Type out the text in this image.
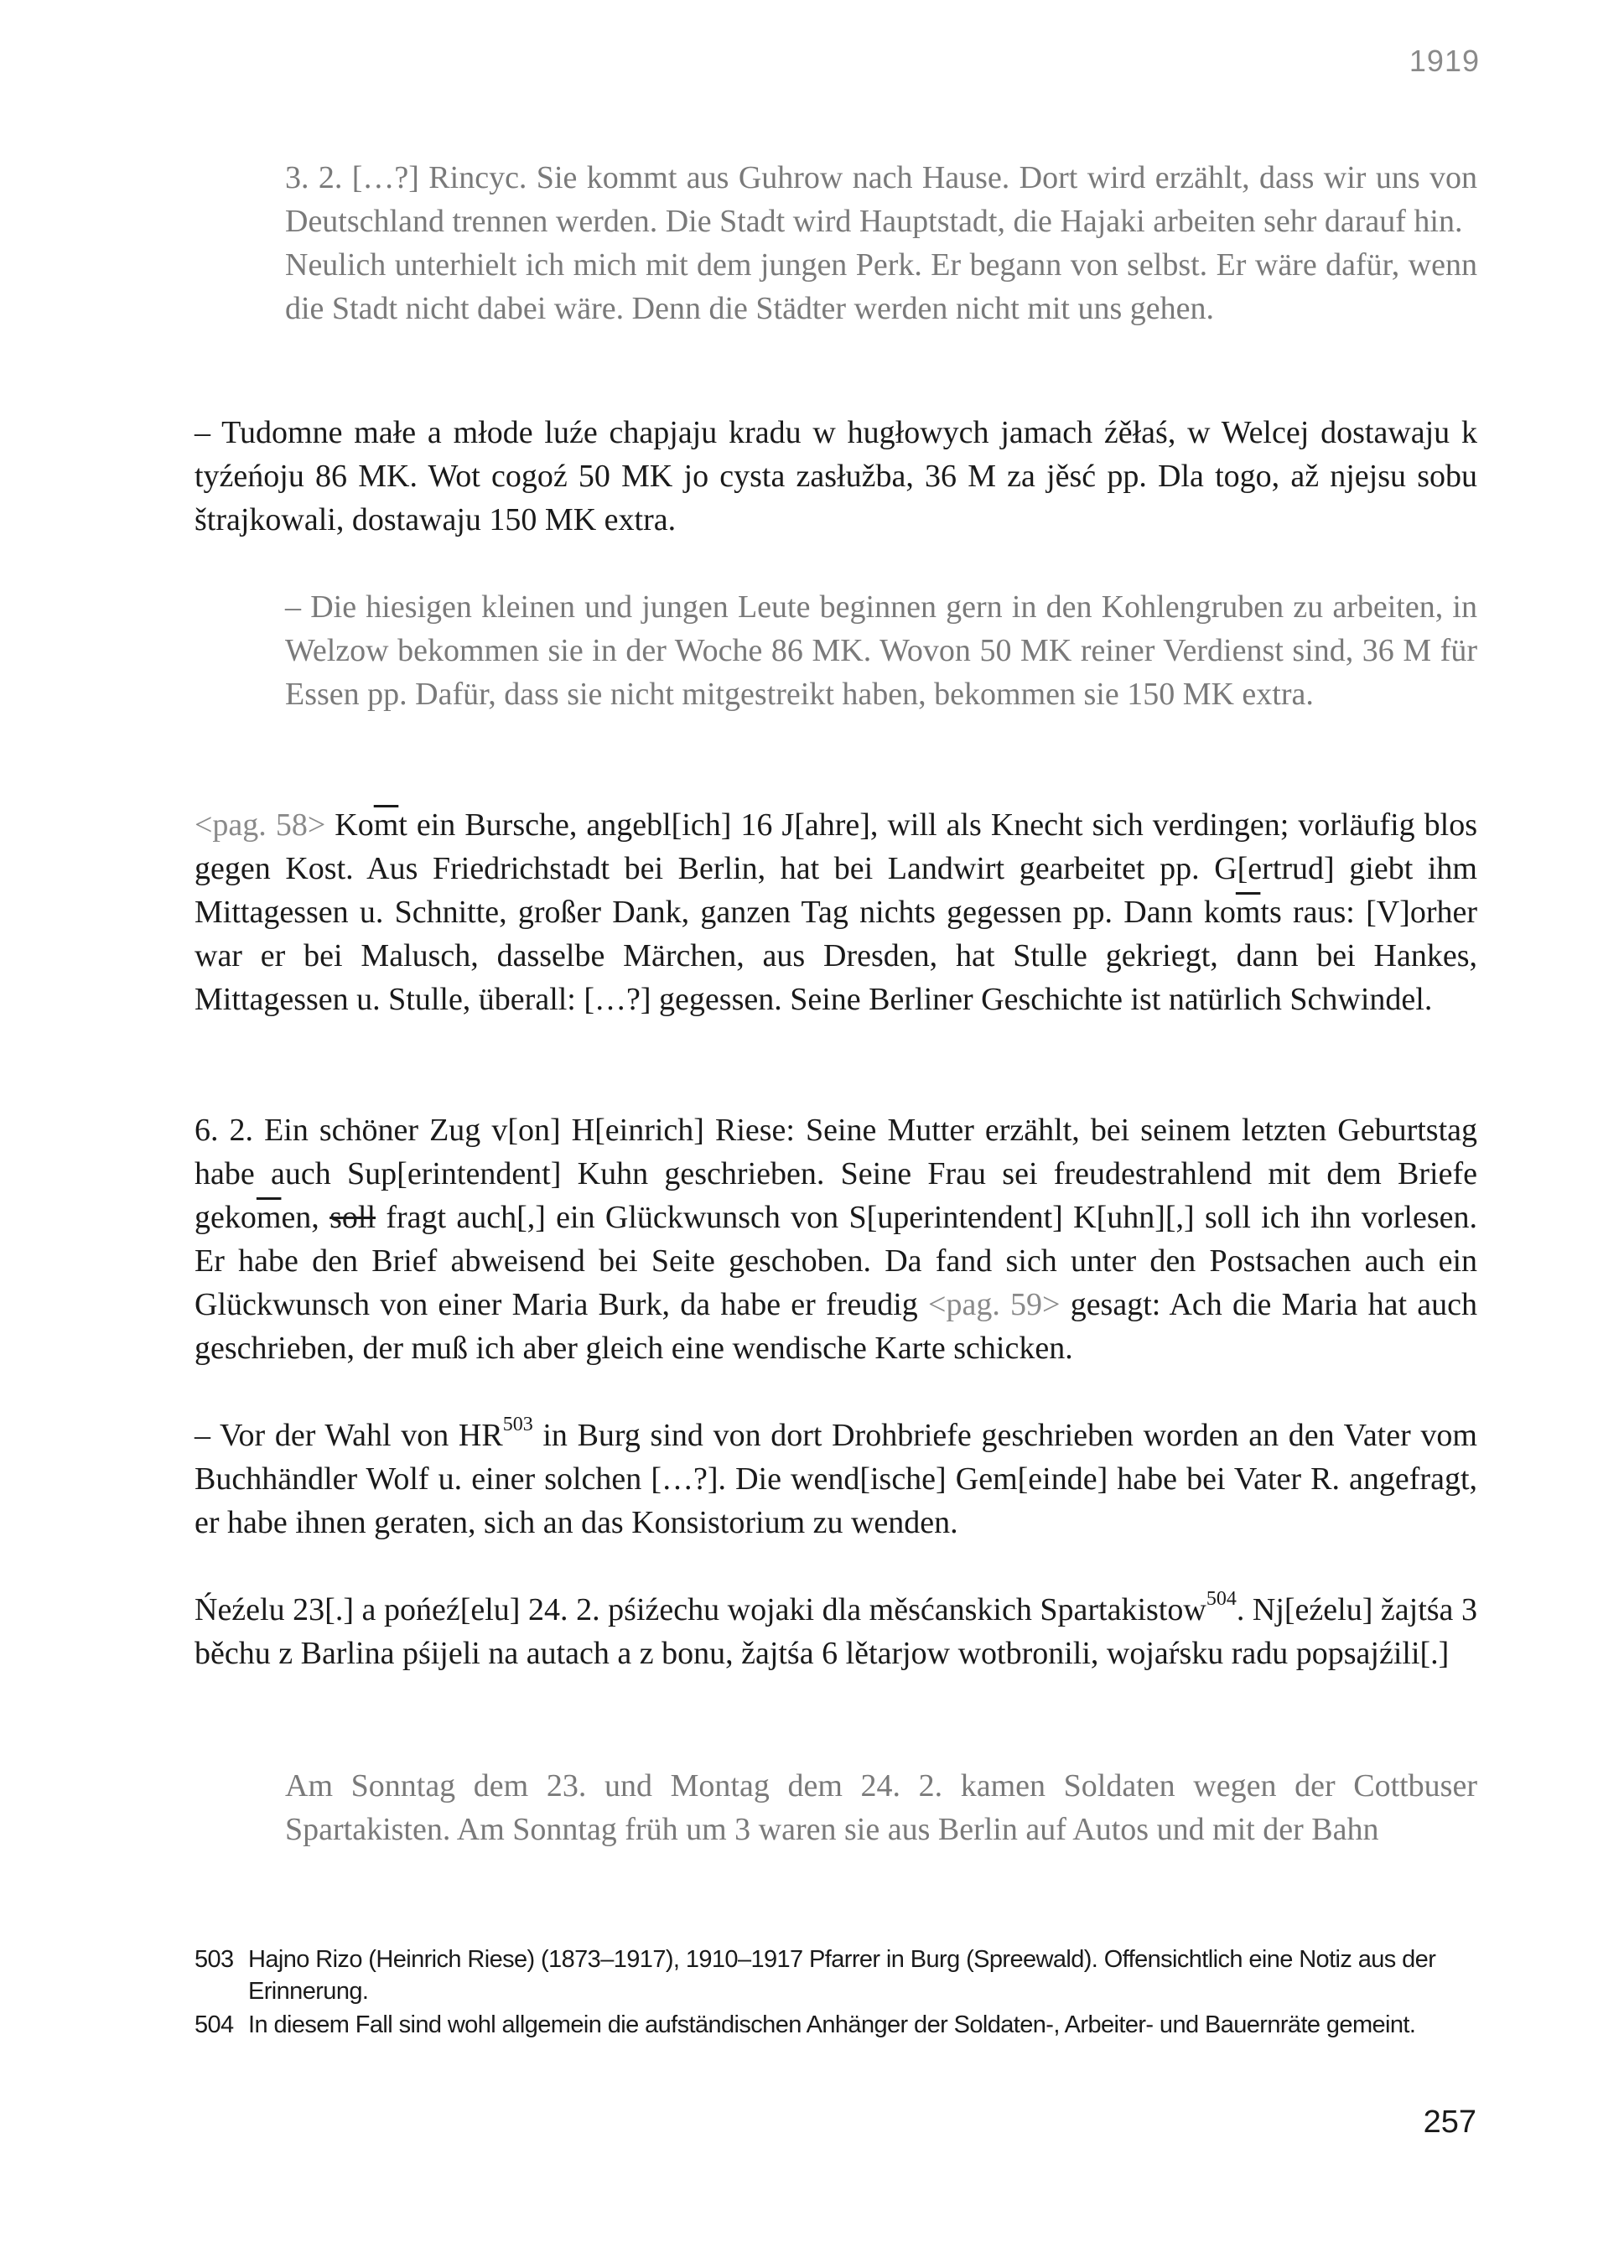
1919
3. 2. […?] Rincyc. Sie kommt aus Guhrow nach Hause. Dort wird erzählt, dass wir uns von Deutschland trennen werden. Die Stadt wird Hauptstadt, die Hajaki arbeiten sehr darauf hin.
Neulich unterhielt ich mich mit dem jungen Perk. Er begann von selbst. Er wäre dafür, wenn die Stadt nicht dabei wäre. Denn die Städter werden nicht mit uns gehen.

– Tudomne małe a młode luźe chapjaju kradu w hugłowych jamach źěłaś, w Welcej dostawaju k tyźeńoju 86 MK. Wot cogoź 50 MK jo cysta zasłužba, 36 M za jěsć pp. Dla togo, až njejsu sobu štrajkowali, dostawaju 150 MK extra.

– Die hiesigen kleinen und jungen Leute beginnen gern in den Kohlengruben zu arbeiten, in Welzow bekommen sie in der Woche 86 MK. Wovon 50 MK reiner Verdienst sind, 36 M für Essen pp. Dafür, dass sie nicht mitgestreikt haben, bekommen sie 150 MK extra.

<pag. $58> Ko\overline{m}t$ ein Bursche, angebl[ich] 16 J[ahre], will als Knecht sich verdingen; vorläufig blos gegen Kost. Aus Friedrichstadt bei Berlin, hat bei Landwirt gearbeitet pp. G[ertrud] giebt ihm Mittagessen u. Schnitte, großer Dank, ganzen Tag nichts gegessen pp. Dann $ko\overline{m}ts$ raus: [V]orher war er bei Malusch, dasselbe Märchen, aus Dresden, hat Stulle gekriegt, dann bei Hankes, Mittagessen u. Stulle, überall: […?] gegessen. Seine Berliner Geschichte ist natürlich Schwindel.

6. 2. Ein schöner Zug v[on] H[einrich] Riese: Seine Mutter erzählt, bei seinem letzten Geburtstag habe auch Sup[erintendent] Kuhn geschrieben. Seine Frau sei freudestrahlend mit dem Briefe $geko\overline{m}en$, soll fragt auch[,] ein Glückwunsch von S[uperintendent] K[uhn][,] soll ich ihn vorlesen. Er habe den Brief abweisend bei Seite geschoben. Da fand sich unter den Postsachen auch ein Glückwunsch von einer Maria Burk, da habe er freudig <pag. 59> gesagt: Ach die Maria hat auch geschrieben, der muß ich aber gleich eine wendische Karte schicken.

– Vor der Wahl von HR$^{503}$ in Burg sind von dort Drohbriefe geschrieben worden an den Vater vom Buchhändler Wolf u. einer solchen […?]. Die wend[ische] Gem[einde] habe bei Vater R. angefragt, er habe ihnen geraten, sich an das Konsistorium zu wenden.

Ńeźelu 23[.] a pońeź[elu] 24. 2. pśiźechu wojaki dla měsćanskich Spartakistow$^{504}$. Nj[eźelu] žajtśa 3 běchu z Barlina pśijeli na autach a z bonu, žajtśa 6 lětarjow wotbronili, wojaŕsku radu popsajźili[.]

Am Sonntag dem 23. und Montag dem 24. 2. kamen Soldaten wegen der Cottbuser Spartakisten. Am Sonntag früh um 3 waren sie aus Berlin auf Autos und mit der Bahn

503 Hajno Rizo (Heinrich Riese) (1873–1917), 1910–1917 Pfarrer in Burg (Spreewald). Offensichtlich eine Notiz aus der Erinnerung.
504 In diesem Fall sind wohl allgemein die aufständischen Anhänger der Soldaten-, Arbeiter- und Bauernräte gemeint.
257
